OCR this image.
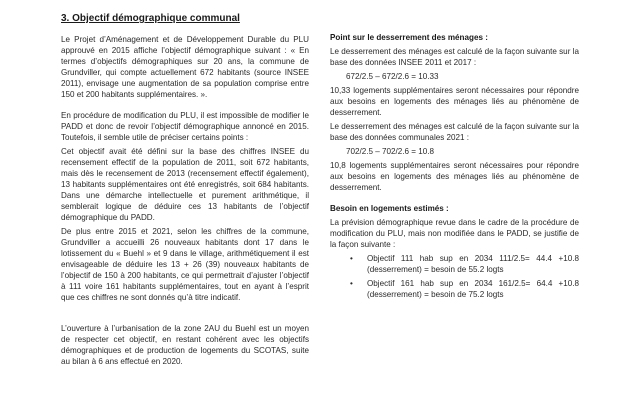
3. Objectif démographique communal

Le Projet d’Aménagement et de Développement Durable du PLU approuvé en 2015 affiche l’objectif démographique suivant : « En termes d’objectifs démographiques sur 20 ans, la commune de Grundviller, qui compte actuellement 672 habitants (source INSEE 2011), envisage une augmentation de sa population comprise entre 150 et 200 habitants supplémentaires. ».

En procédure de modification du PLU, il est impossible de modifier le PADD et donc de revoir l’objectif démographique annoncé en 2015. Toutefois, il semble utile de préciser certains points :

Cet objectif avait été défini sur la base des chiffres INSEE du recensement effectif de la population de 2011, soit 672 habitants, mais dès le recensement de 2013 (recensement effectif également), 13 habitants supplémentaires ont été enregistrés, soit 684 habitants. Dans une démarche intellectuelle et purement arithmétique, il semblerait logique de déduire ces 13 habitants de l’objectif démographique du PADD.

De plus entre 2015 et 2021, selon les chiffres de la commune, Grundviller a accueilli 26 nouveaux habitants dont 17 dans le lotissement du « Buehl » et 9 dans le village, arithmétiquement il est envisageable de déduire les 13 + 26 (39) nouveaux habitants de l’objectif de 150 à 200 habitants, ce qui permettrait d’ajuster l’objectif à 111 voire 161 habitants supplémentaires, tout en ayant à l’esprit que ces chiffres ne sont donnés qu’à titre indicatif.

L’ouverture à l’urbanisation de la zone 2AU du Buehl est un moyen de respecter cet objectif, en restant cohérent avec les objectifs démographiques et de production de logements du SCOTAS, suite au bilan à 6 ans effectué en 2020.

Point sur le desserrement des ménages :

Le desserrement des ménages est calculé de la façon suivante sur la base des données INSEE 2011 et 2017 :

672/2.5 – 672/2.6 = 10.33

10,33 logements supplémentaires seront nécessaires pour répondre aux besoins en logements des ménages liés au phénomène de desserrement.

Le desserrement des ménages est calculé de la façon suivante sur la base des données communales 2021 :

702/2.5 – 702/2.6 = 10.8

10,8 logements supplémentaires seront nécessaires pour répondre aux besoins en logements des ménages liés au phénomène de desserrement.

Besoin en logements estimés :

La prévision démographique revue dans le cadre de la procédure de modification du PLU, mais non modifiée dans le PADD, se justifie de la façon suivante :

• Objectif 111 hab sup en 2034 111/2.5= 44.4 +10.8 (desserrement) = besoin de 55.2 logts
• Objectif 161 hab sup en 2034 161/2.5= 64.4 +10.8 (desserrement) = besoin de 75.2 logts
